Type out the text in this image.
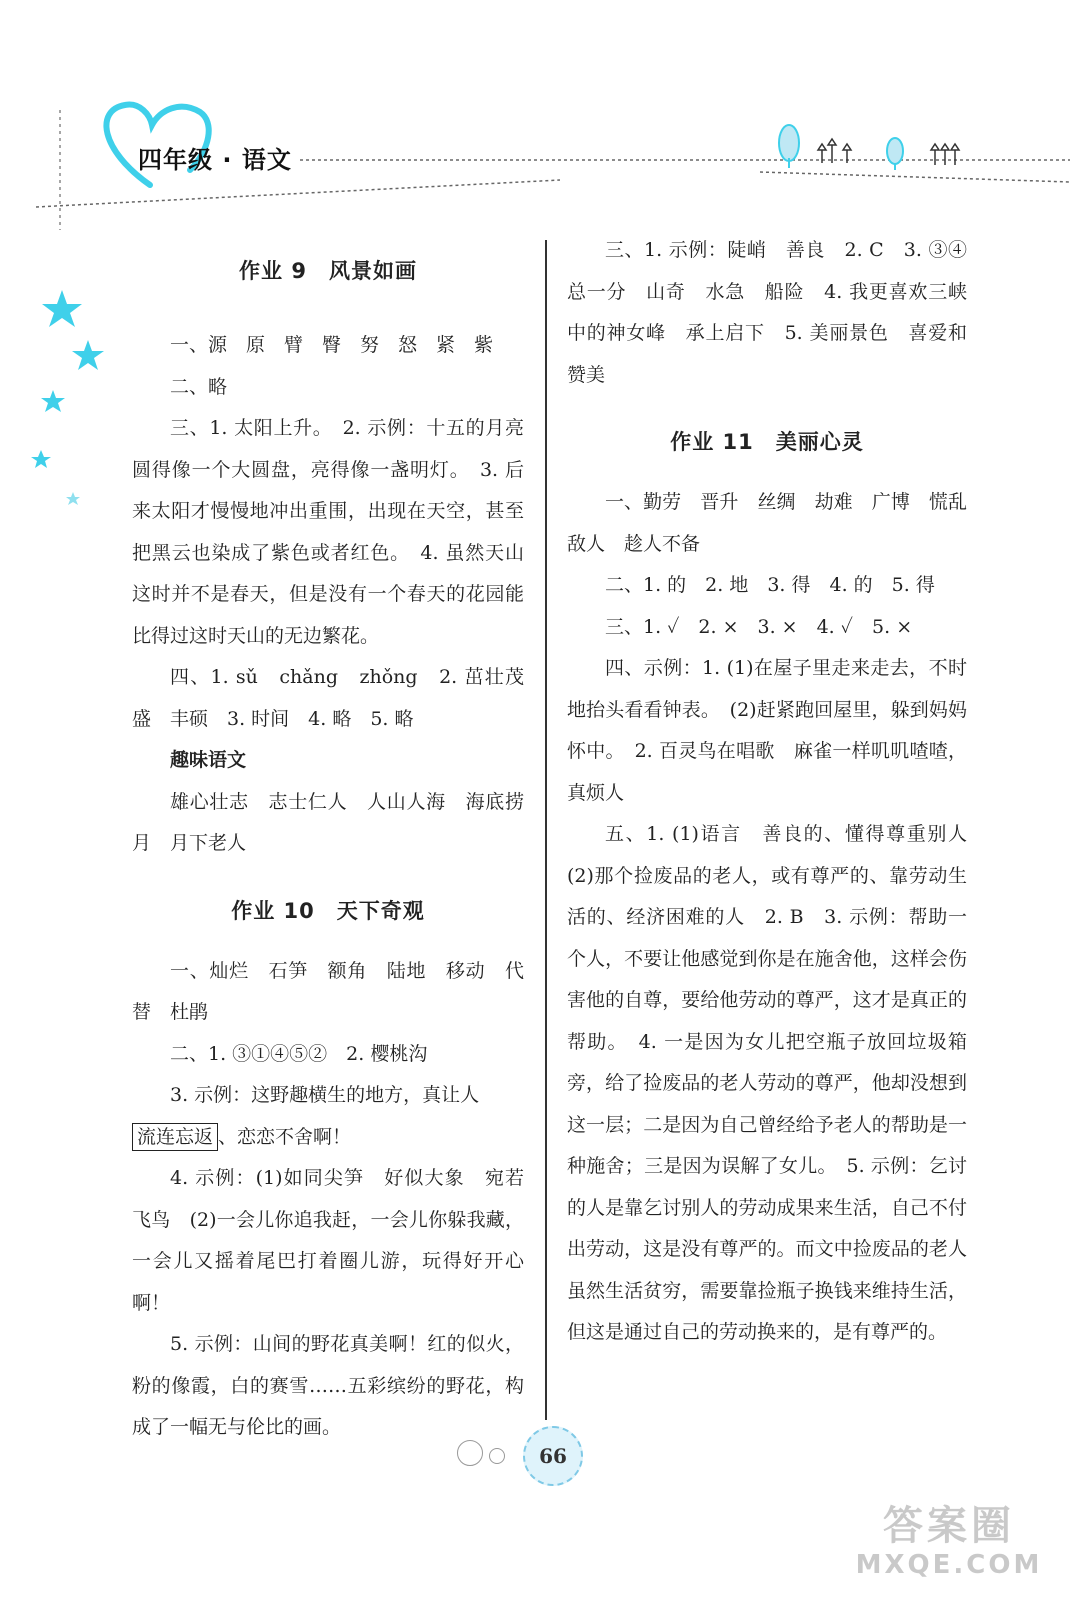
四年级 · 语文
作业 9　风景如画

一、源　原　臂　臀　努　怒　紧　紫

二、略

三、1. 太阳上升。　2. 示例：十五的月亮圆得像一个大圆盘，亮得像一盏明灯。　3. 后来太阳才慢慢地冲出重围，出现在天空，甚至把黑云也染成了紫色或者红色。　4. 虽然天山这时并不是春天，但是没有一个春天的花园能比得过这时天山的无边繁花。

四、1. sǔ　chǎng　zhǒng　2. 茁壮茂盛　丰硕　3. 时间　4. 略　5. 略

趣味语文

雄心壮志　志士仁人　人山人海　海底捞月　月下老人

作业 10　天下奇观

一、灿烂　石笋　额角　陆地　移动　代替　杜鹃

二、1. ③①④⑤②　2. 樱桃沟

3. 示例：这野趣横生的地方，真让人
流连忘返 、恋恋不舍啊！

4. 示例：(1)如同尖笋　好似大象　宛若飞鸟　(2)一会儿你追我赶，一会儿你躲我藏，一会儿又摇着尾巴打着圈儿游，玩得好开心啊！

5. 示例：山间的野花真美啊！红的似火，粉的像霞，白的赛雪……五彩缤纷的野花，构成了一幅无与伦比的画。

三、1. 示例：陡峭　善良　2. C　3. ③④　总一分　山奇　水急　船险　4. 我更喜欢三峡中的神女峰　承上启下　5. 美丽景色　喜爱和赞美

作业 11　美丽心灵

一、勤劳　晋升　丝绸　劫难　广博　慌乱　敌人　趁人不备

二、1. 的　2. 地　3. 得　4. 的　5. 得

三、1. ✓　2. ×　3. ×　4. ✓　5. ×

四、示例：1. (1)在屋子里走来走去，不时地抬头看看钟表。　(2)赶紧跑回屋里，躲到妈妈怀中。　2. 百灵鸟在唱歌　麻雀一样叽叽喳喳，真烦人

五、1. (1)语言　善良的、懂得尊重别人　(2)那个捡废品的老人，或有尊严的、靠劳动生活的、经济困难的人　2. B　3. 示例：帮助一个人，不要让他感觉到你是在施舍他，这样会伤害他的自尊，要给他劳动的尊严，这才是真正的帮助。　4. 一是因为女儿把空瓶子放回垃圾箱旁，给了捡废品的老人劳动的尊严，他却没想到这一层；二是因为自己曾经给予老人的帮助是一种施舍；三是因为误解了女儿。　5. 示例：乞讨的人是靠乞讨别人的劳动成果来生活，自己不付出劳动，这是没有尊严的。而文中捡废品的老人虽然生活贫穷，需要靠捡瓶子换钱来维持生活，但这是通过自己的劳动换来的，是有尊严的。

66
答案圈
MXQE.COM
